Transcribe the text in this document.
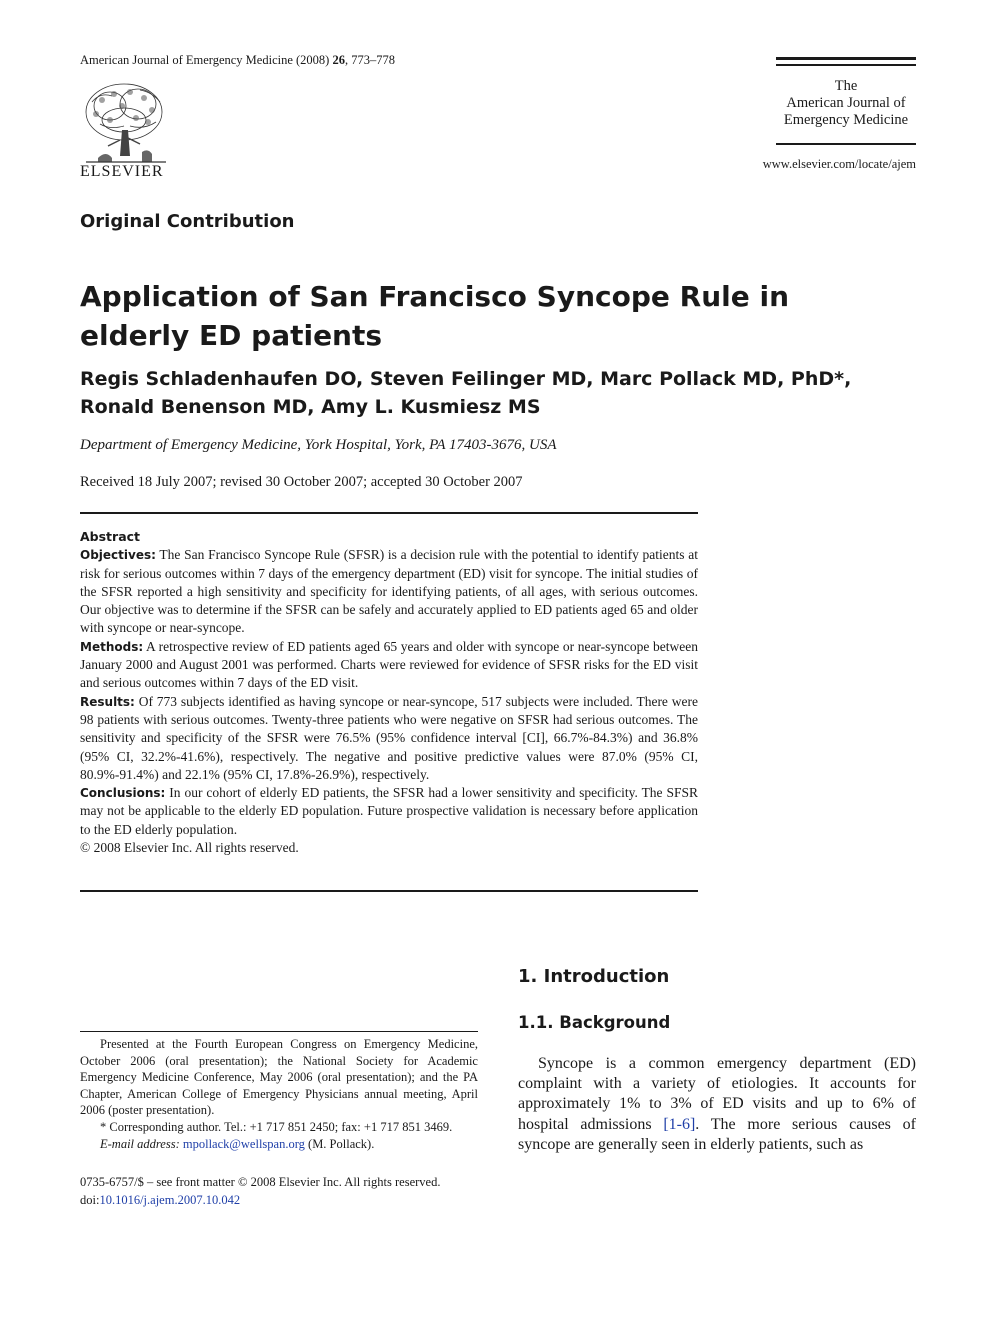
American Journal of Emergency Medicine (2008) 26, 773–778
ELSEVIER
The
American Journal of
Emergency Medicine
www.elsevier.com/locate/ajem
Original Contribution
Application of San Francisco Syncope Rule in elderly ED patients
Regis Schladenhaufen DO, Steven Feilinger MD, Marc Pollack MD, PhD*, Ronald Benenson MD, Amy L. Kusmiesz MS
Department of Emergency Medicine, York Hospital, York, PA 17403-3676, USA
Received 18 July 2007; revised 30 October 2007; accepted 30 October 2007

Abstract

Objectives: The San Francisco Syncope Rule (SFSR) is a decision rule with the potential to identify patients at risk for serious outcomes within 7 days of the emergency department (ED) visit for syncope. The initial studies of the SFSR reported a high sensitivity and specificity for identifying patients, of all ages, with serious outcomes. Our objective was to determine if the SFSR can be safely and accurately applied to ED patients aged 65 and older with syncope or near-syncope.

Methods: A retrospective review of ED patients aged 65 years and older with syncope or near-syncope between January 2000 and August 2001 was performed. Charts were reviewed for evidence of SFSR risks for the ED visit and serious outcomes within 7 days of the ED visit.

Results: Of 773 subjects identified as having syncope or near-syncope, 517 subjects were included. There were 98 patients with serious outcomes. Twenty-three patients who were negative on SFSR had serious outcomes. The sensitivity and specificity of the SFSR were 76.5% (95% confidence interval [CI], 66.7%-84.3%) and 36.8% (95% CI, 32.2%-41.6%), respectively. The negative and positive predictive values were 87.0% (95% CI, 80.9%-91.4%) and 22.1% (95% CI, 17.8%-26.9%), respectively.

Conclusions: In our cohort of elderly ED patients, the SFSR had a lower sensitivity and specificity. The SFSR may not be applicable to the elderly ED population. Future prospective validation is necessary before application to the ED elderly population.

© 2008 Elsevier Inc. All rights reserved.

Presented at the Fourth European Congress on Emergency Medicine, October 2006 (oral presentation); the National Society for Academic Emergency Medicine Conference, May 2006 (oral presentation); and the PA Chapter, American College of Emergency Physicians annual meeting, April 2006 (poster presentation).

* Corresponding author. Tel.: +1 717 851 2450; fax: +1 717 851 3469.

E-mail address: mpollack@wellspan.org (M. Pollack).

0735-6757/$ – see front matter © 2008 Elsevier Inc. All rights reserved.
doi:10.1016/j.ajem.2007.10.042
1. Introduction
1.1. Background

Syncope is a common emergency department (ED) complaint with a variety of etiologies. It accounts for approximately 1% to 3% of ED visits and up to 6% of hospital admissions [1-6]. The more serious causes of syncope are generally seen in elderly patients, such as
